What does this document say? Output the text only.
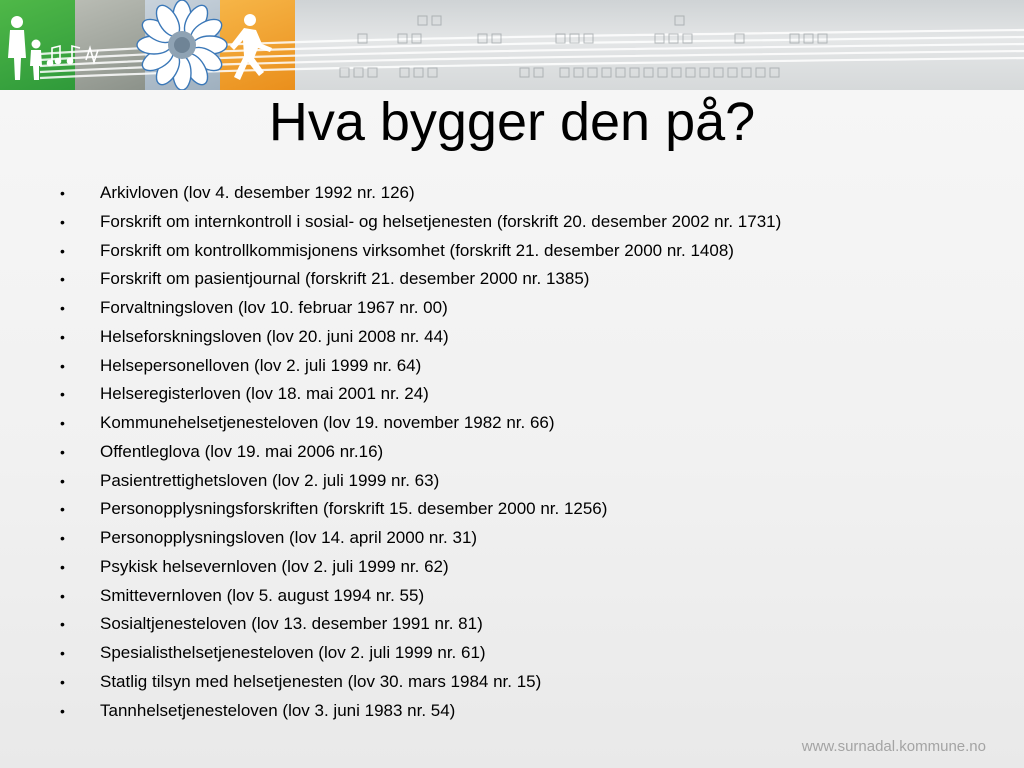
Hva bygger den på?
• Arkivloven (lov 4. desember 1992 nr. 126)
• Forskrift om internkontroll i sosial- og helsetjenesten (forskrift 20. desember 2002 nr. 1731)
• Forskrift om kontrollkommisjonens virksomhet (forskrift 21. desember 2000 nr. 1408)
• Forskrift om pasientjournal (forskrift 21. desember 2000 nr. 1385)
• Forvaltningsloven (lov 10. februar 1967 nr. 00)
• Helseforskningsloven (lov 20. juni 2008 nr. 44)
• Helsepersonelloven (lov 2. juli 1999 nr. 64)
• Helseregisterloven (lov 18. mai 2001 nr. 24)
• Kommunehelsetjenesteloven (lov 19. november 1982 nr. 66)
• Offentleglova (lov 19. mai 2006 nr.16)
• Pasientrettighetsloven (lov 2. juli 1999 nr. 63)
• Personopplysningsforskriften (forskrift 15. desember 2000 nr. 1256)
• Personopplysningsloven (lov 14. april 2000 nr. 31)
• Psykisk helsevernloven (lov 2. juli 1999 nr. 62)
• Smittevernloven (lov 5. august 1994 nr. 55)
• Sosialtjenesteloven (lov 13. desember 1991 nr. 81)
• Spesialisthelsetjenesteloven (lov 2. juli 1999 nr. 61)
• Statlig tilsyn med helsetjenesten (lov 30. mars 1984 nr. 15)
• Tannhelsetjenesteloven (lov 3. juni 1983 nr. 54)
www.surnadal.kommune.no
